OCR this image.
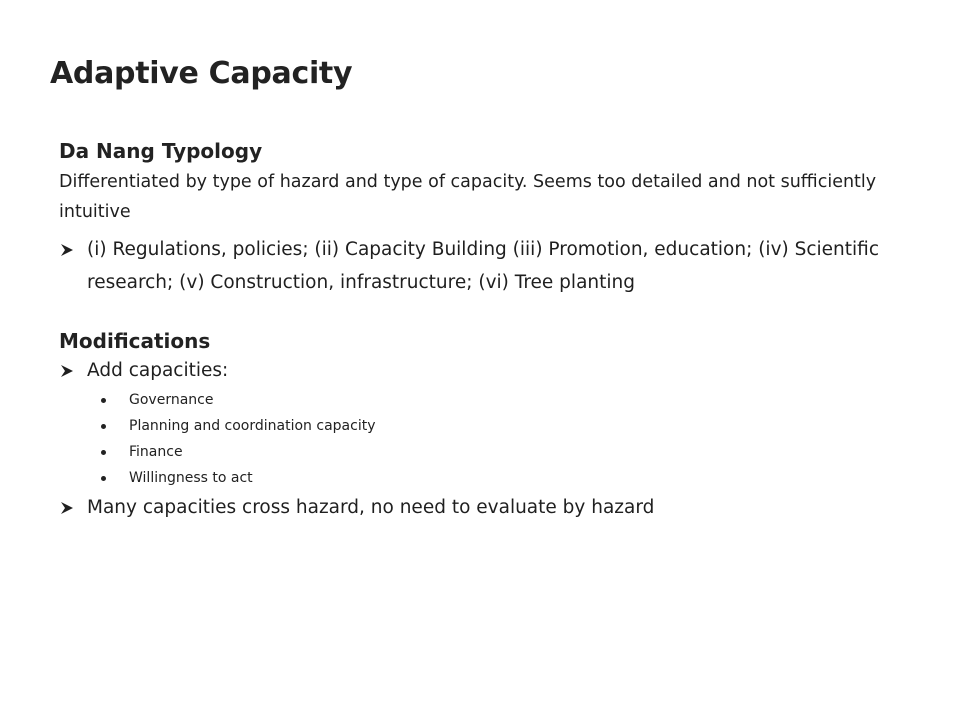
Adaptive Capacity

Da Nang Typology

Differentiated by type of hazard and type of capacity. Seems too detailed and not sufficiently intuitive

(i) Regulations, policies; (ii) Capacity Building (iii) Promotion, education; (iv) Scientific research; (v) Construction, infrastructure; (vi) Tree planting

Modifications

Add capacities:
Governance
Planning and coordination capacity
Finance
Willingness to act
Many capacities cross hazard, no need to evaluate by hazard
